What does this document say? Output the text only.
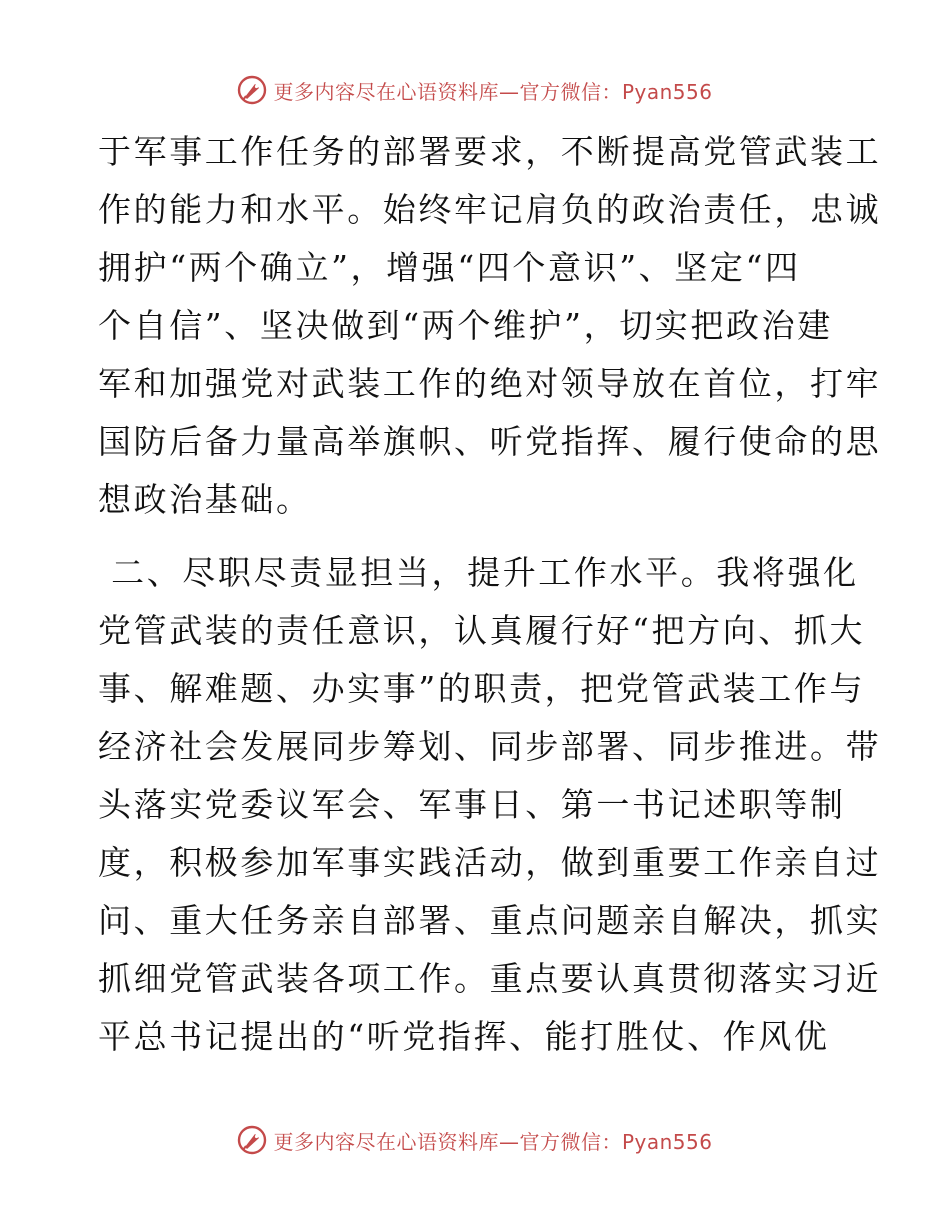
更多内容尽在心语资料库—官方微信：Pyan556
于军事工作任务的部署要求，不断提高党管武装工
作的能力和水平。始终牢记肩负的政治责任，忠诚
拥护“两个确立”，增强“四个意识”、坚定“四
个自信”、坚决做到“两个维护”，切实把政治建
军和加强党对武装工作的绝对领导放在首位，打牢
国防后备力量高举旗帜、听党指挥、履行使命的思
想政治基础。
二、尽职尽责显担当，提升工作水平。我将强化
党管武装的责任意识，认真履行好“把方向、抓大
事、解难题、办实事”的职责，把党管武装工作与
经济社会发展同步筹划、同步部署、同步推进。带
头落实党委议军会、军事日、第一书记述职等制
度，积极参加军事实践活动，做到重要工作亲自过
问、重大任务亲自部署、重点问题亲自解决，抓实
抓细党管武装各项工作。重点要认真贯彻落实习近
平总书记提出的“听党指挥、能打胜仗、作风优
更多内容尽在心语资料库—官方微信：Pyan556
